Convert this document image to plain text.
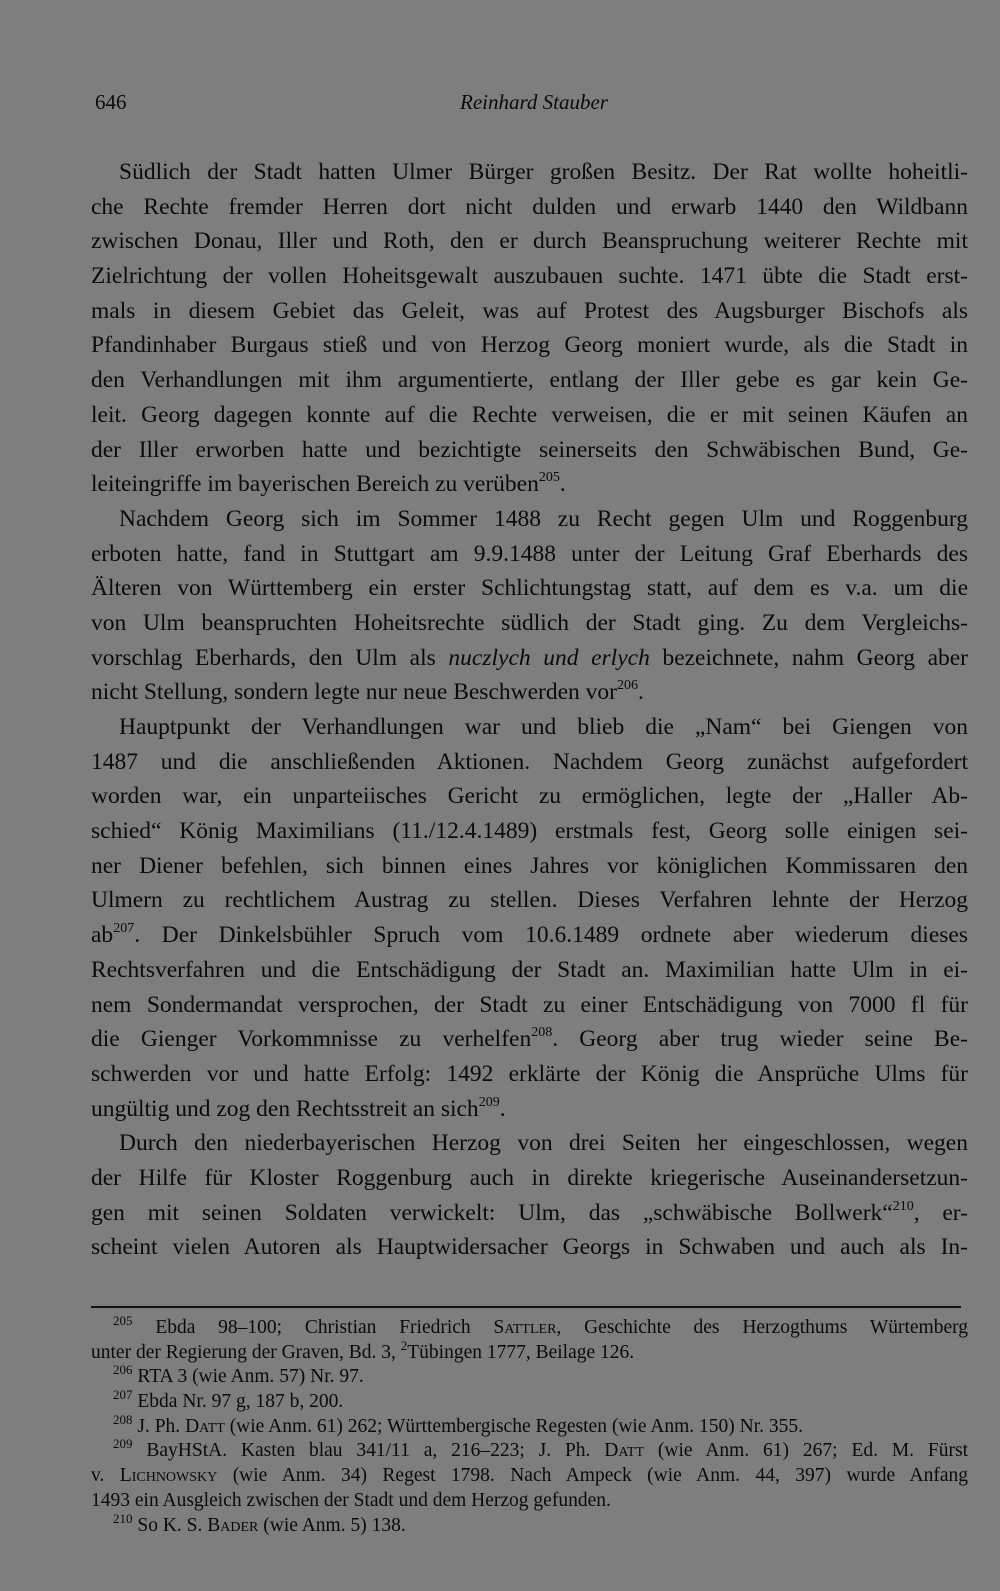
646	Reinhard Stauber
Südlich der Stadt hatten Ulmer Bürger großen Besitz. Der Rat wollte hoheitli-
che Rechte fremder Herren dort nicht dulden und erwarb 1440 den Wildbann
zwischen Donau, Iller und Roth, den er durch Beanspruchung weiterer Rechte mit
Zielrichtung der vollen Hoheitsgewalt auszubauen suchte. 1471 übte die Stadt erst-
mals in diesem Gebiet das Geleit, was auf Protest des Augsburger Bischofs als
Pfandinhaber Burgaus stieß und von Herzog Georg moniert wurde, als die Stadt in
den Verhandlungen mit ihm argumentierte, entlang der Iller gebe es gar kein Ge-
leit. Georg dagegen konnte auf die Rechte verweisen, die er mit seinen Käufen an
der Iller erworben hatte und bezichtigte seinerseits den Schwäbischen Bund, Ge-
leiteingriffe im bayerischen Bereich zu verüben$^{205}$.
Nachdem Georg sich im Sommer 1488 zu Recht gegen Ulm und Roggenburg
erboten hatte, fand in Stuttgart am 9.9.1488 unter der Leitung Graf Eberhards des
Älteren von Württemberg ein erster Schlichtungstag statt, auf dem es v.a. um die
von Ulm beanspruchten Hoheitsrechte südlich der Stadt ging. Zu dem Vergleichs-
vorschlag Eberhards, den Ulm als nuczlych und erlych bezeichnete, nahm Georg aber
nicht Stellung, sondern legte nur neue Beschwerden vor$^{206}$.
Hauptpunkt der Verhandlungen war und blieb die „Nam“ bei Giengen von
1487 und die anschließenden Aktionen. Nachdem Georg zunächst aufgefordert
worden war, ein unparteiisches Gericht zu ermöglichen, legte der „Haller Ab-
schied“ König Maximilians (11./12.4.1489) erstmals fest, Georg solle einigen sei-
ner Diener befehlen, sich binnen eines Jahres vor königlichen Kommissaren den
Ulmern zu rechtlichem Austrag zu stellen. Dieses Verfahren lehnte der Herzog
$ab^{207}$. Der Dinkelsbühler Spruch vom 10.6.1489 ordnete aber wiederum dieses
Rechtsverfahren und die Entschädigung der Stadt an. Maximilian hatte Ulm in ei-
nem Sondermandat versprochen, der Stadt zu einer Entschädigung von 7000 fl für
die Gienger Vorkommnisse zu verhelfen$^{208}$. Georg aber trug wieder seine Be-
schwerden vor und hatte Erfolg: 1492 erklärte der König die Ansprüche Ulms für
ungültig und zog den Rechtsstreit an sich$^{209}$.
Durch den niederbayerischen Herzog von drei Seiten her eingeschlossen, wegen
der Hilfe für Kloster Roggenburg auch in direkte kriegerische Auseinandersetzun-
gen mit seinen Soldaten verwickelt: Ulm, das „schwäbische Bollwerk“$^{210}$, er-
scheint vielen Autoren als Hauptwidersacher Georgs in Schwaben und auch als In-
$^{205}$ Ebda 98–100; Christian Friedrich Sattler, Geschichte des Herzogthums Würtemberg
unter der Regierung der Graven, Bd. 3, $^2$Tübingen 1777, Beilage 126.
$^{206}$ RTA 3 (wie Anm. 57) Nr. 97.
$^{207}$ Ebda Nr. 97 g, 187 b, 200.
$^{208}$ J. Ph. Datt (wie Anm. 61) 262; Württembergische Regesten (wie Anm. 150) Nr. 355.
$^{209}$ BayHStA. Kasten blau 341/11 a, 216–223; J. Ph. Datt (wie Anm. 61) 267; Ed. M. Fürst
v. Lichnowsky (wie Anm. 34) Regest 1798. Nach Ampeck (wie Anm. 44, 397) wurde Anfang
1493 ein Ausgleich zwischen der Stadt und dem Herzog gefunden.
$^{210}$ So K. S. Bader (wie Anm. 5) 138.
